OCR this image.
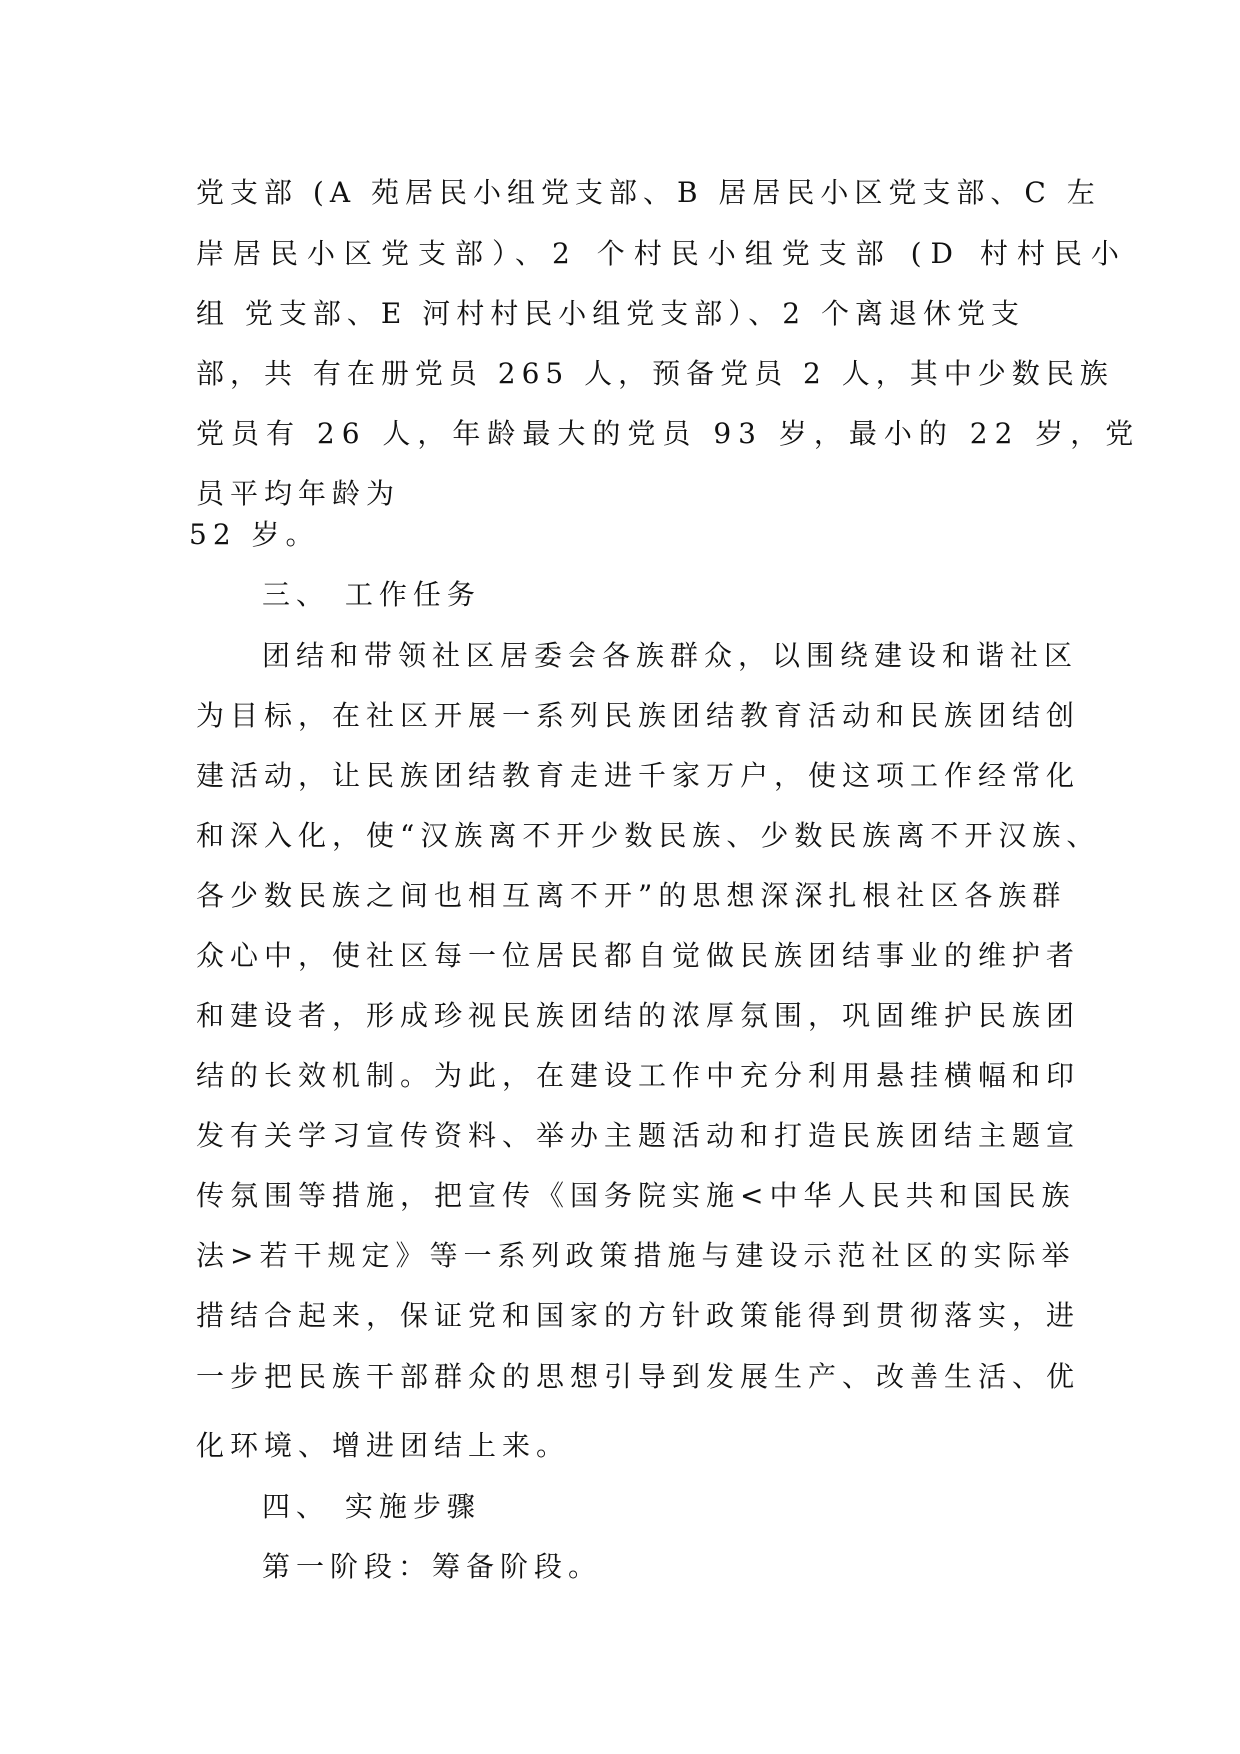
党支部 (A 苑居民小组党支部、B 居居民小区党支部、C 左

岸居民小区党支部）、2 个村民小组党支部 (D 村村民小

组 党支部、E 河村村民小组党支部）、2 个离退休党支

部，共 有在册党员 265 人，预备党员 2 人，其中少数民族

党员有 26 人，年龄最大的党员 93 岁，最小的 22 岁，党

员平均年龄为

52 岁。

三、 工作任务

团结和带领社区居委会各族群众，以围绕建设和谐社区

为目标，在社区开展一系列民族团结教育活动和民族团结创

建活动，让民族团结教育走进千家万户，使这项工作经常化

和深入化，使“汉族离不开少数民族、少数民族离不开汉族、

各少数民族之间也相互离不开”的思想深深扎根社区各族群

众心中，使社区每一位居民都自觉做民族团结事业的维护者

和建设者，形成珍视民族团结的浓厚氛围，巩固维护民族团

结的长效机制。为此，在建设工作中充分利用悬挂横幅和印

发有关学习宣传资料、举办主题活动和打造民族团结主题宣

传氛围等措施，把宣传《国务院实施<中华人民共和国民族

法>若干规定》等一系列政策措施与建设示范社区的实际举

措结合起来，保证党和国家的方针政策能得到贯彻落实，进

一步把民族干部群众的思想引导到发展生产、改善生活、优

化环境、增进团结上来。

四、 实施步骤

第一阶段：筹备阶段。
